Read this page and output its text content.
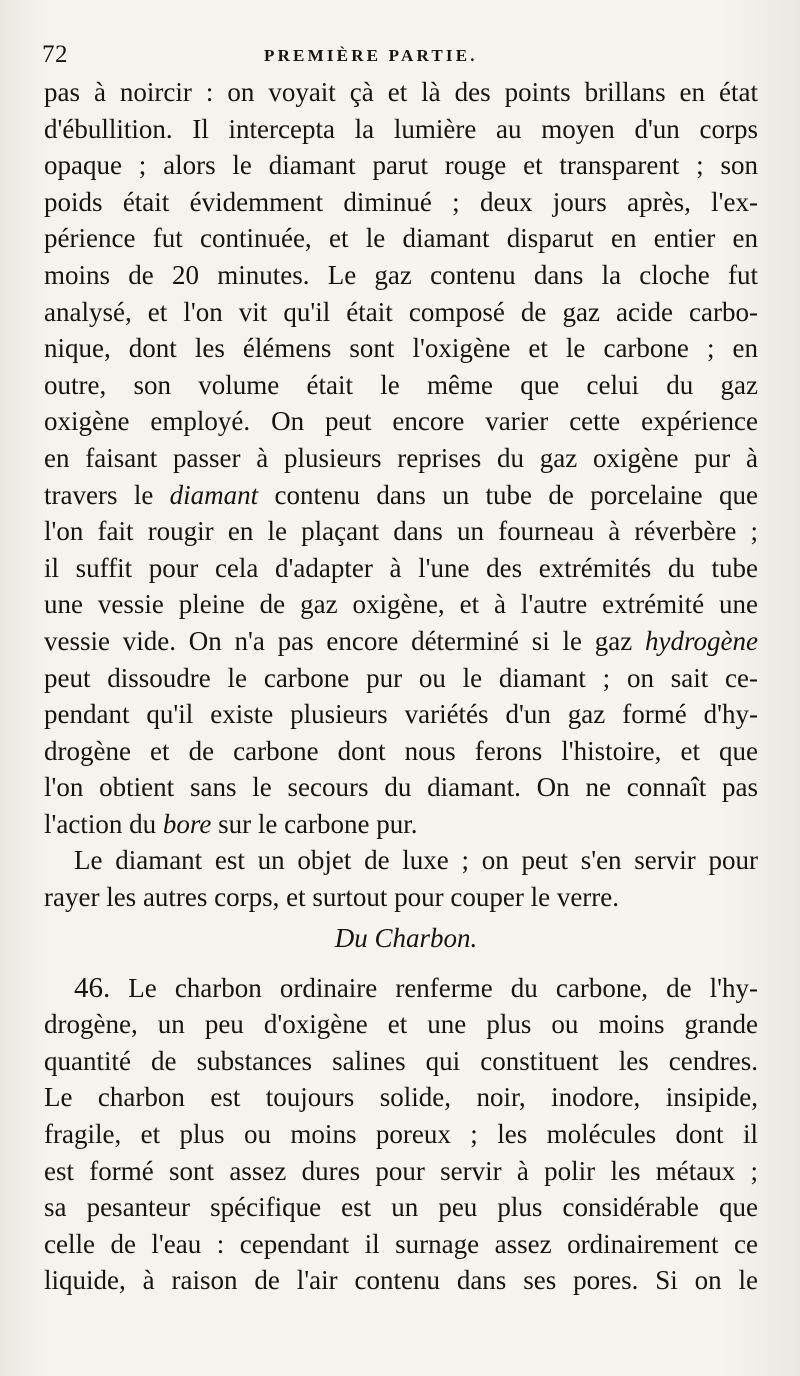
72	PREMIÈRE PARTIE.
pas à noircir : on voyait çà et là des points brillans en état
d'ébullition. Il intercepta la lumière au moyen d'un corps
opaque ; alors le diamant parut rouge et transparent ; son
poids était évidemment diminué ; deux jours après, l'ex-
périence fut continuée, et le diamant disparut en entier en
moins de 20 minutes. Le gaz contenu dans la cloche fut
analysé, et l'on vit qu'il était composé de gaz acide carbo-
nique, dont les élémens sont l'oxigène et le carbone ; en
outre, son volume était le même que celui du gaz
oxigène employé. On peut encore varier cette expérience
en faisant passer à plusieurs reprises du gaz oxigène pur à
travers le diamant contenu dans un tube de porcelaine que
l'on fait rougir en le plaçant dans un fourneau à réverbère ;
il suffit pour cela d'adapter à l'une des extrémités du tube
une vessie pleine de gaz oxigène, et à l'autre extrémité une
vessie vide. On n'a pas encore déterminé si le gaz hydrogène
peut dissoudre le carbone pur ou le diamant ; on sait ce-
pendant qu'il existe plusieurs variétés d'un gaz formé d'hy-
drogène et de carbone dont nous ferons l'histoire, et que
l'on obtient sans le secours du diamant. On ne connaît pas
l'action du bore sur le carbone pur.
Le diamant est un objet de luxe ; on peut s'en servir pour
rayer les autres corps, et surtout pour couper le verre.
Du Charbon.
46. Le charbon ordinaire renferme du carbone, de l'hy-
drogène, un peu d'oxigène et une plus ou moins grande
quantité de substances salines qui constituent les cendres.
Le charbon est toujours solide, noir, inodore, insipide,
fragile, et plus ou moins poreux ; les molécules dont il
est formé sont assez dures pour servir à polir les métaux ;
sa pesanteur spécifique est un peu plus considérable que
celle de l'eau : cependant il surnage assez ordinairement ce
liquide, à raison de l'air contenu dans ses pores. Si on le
